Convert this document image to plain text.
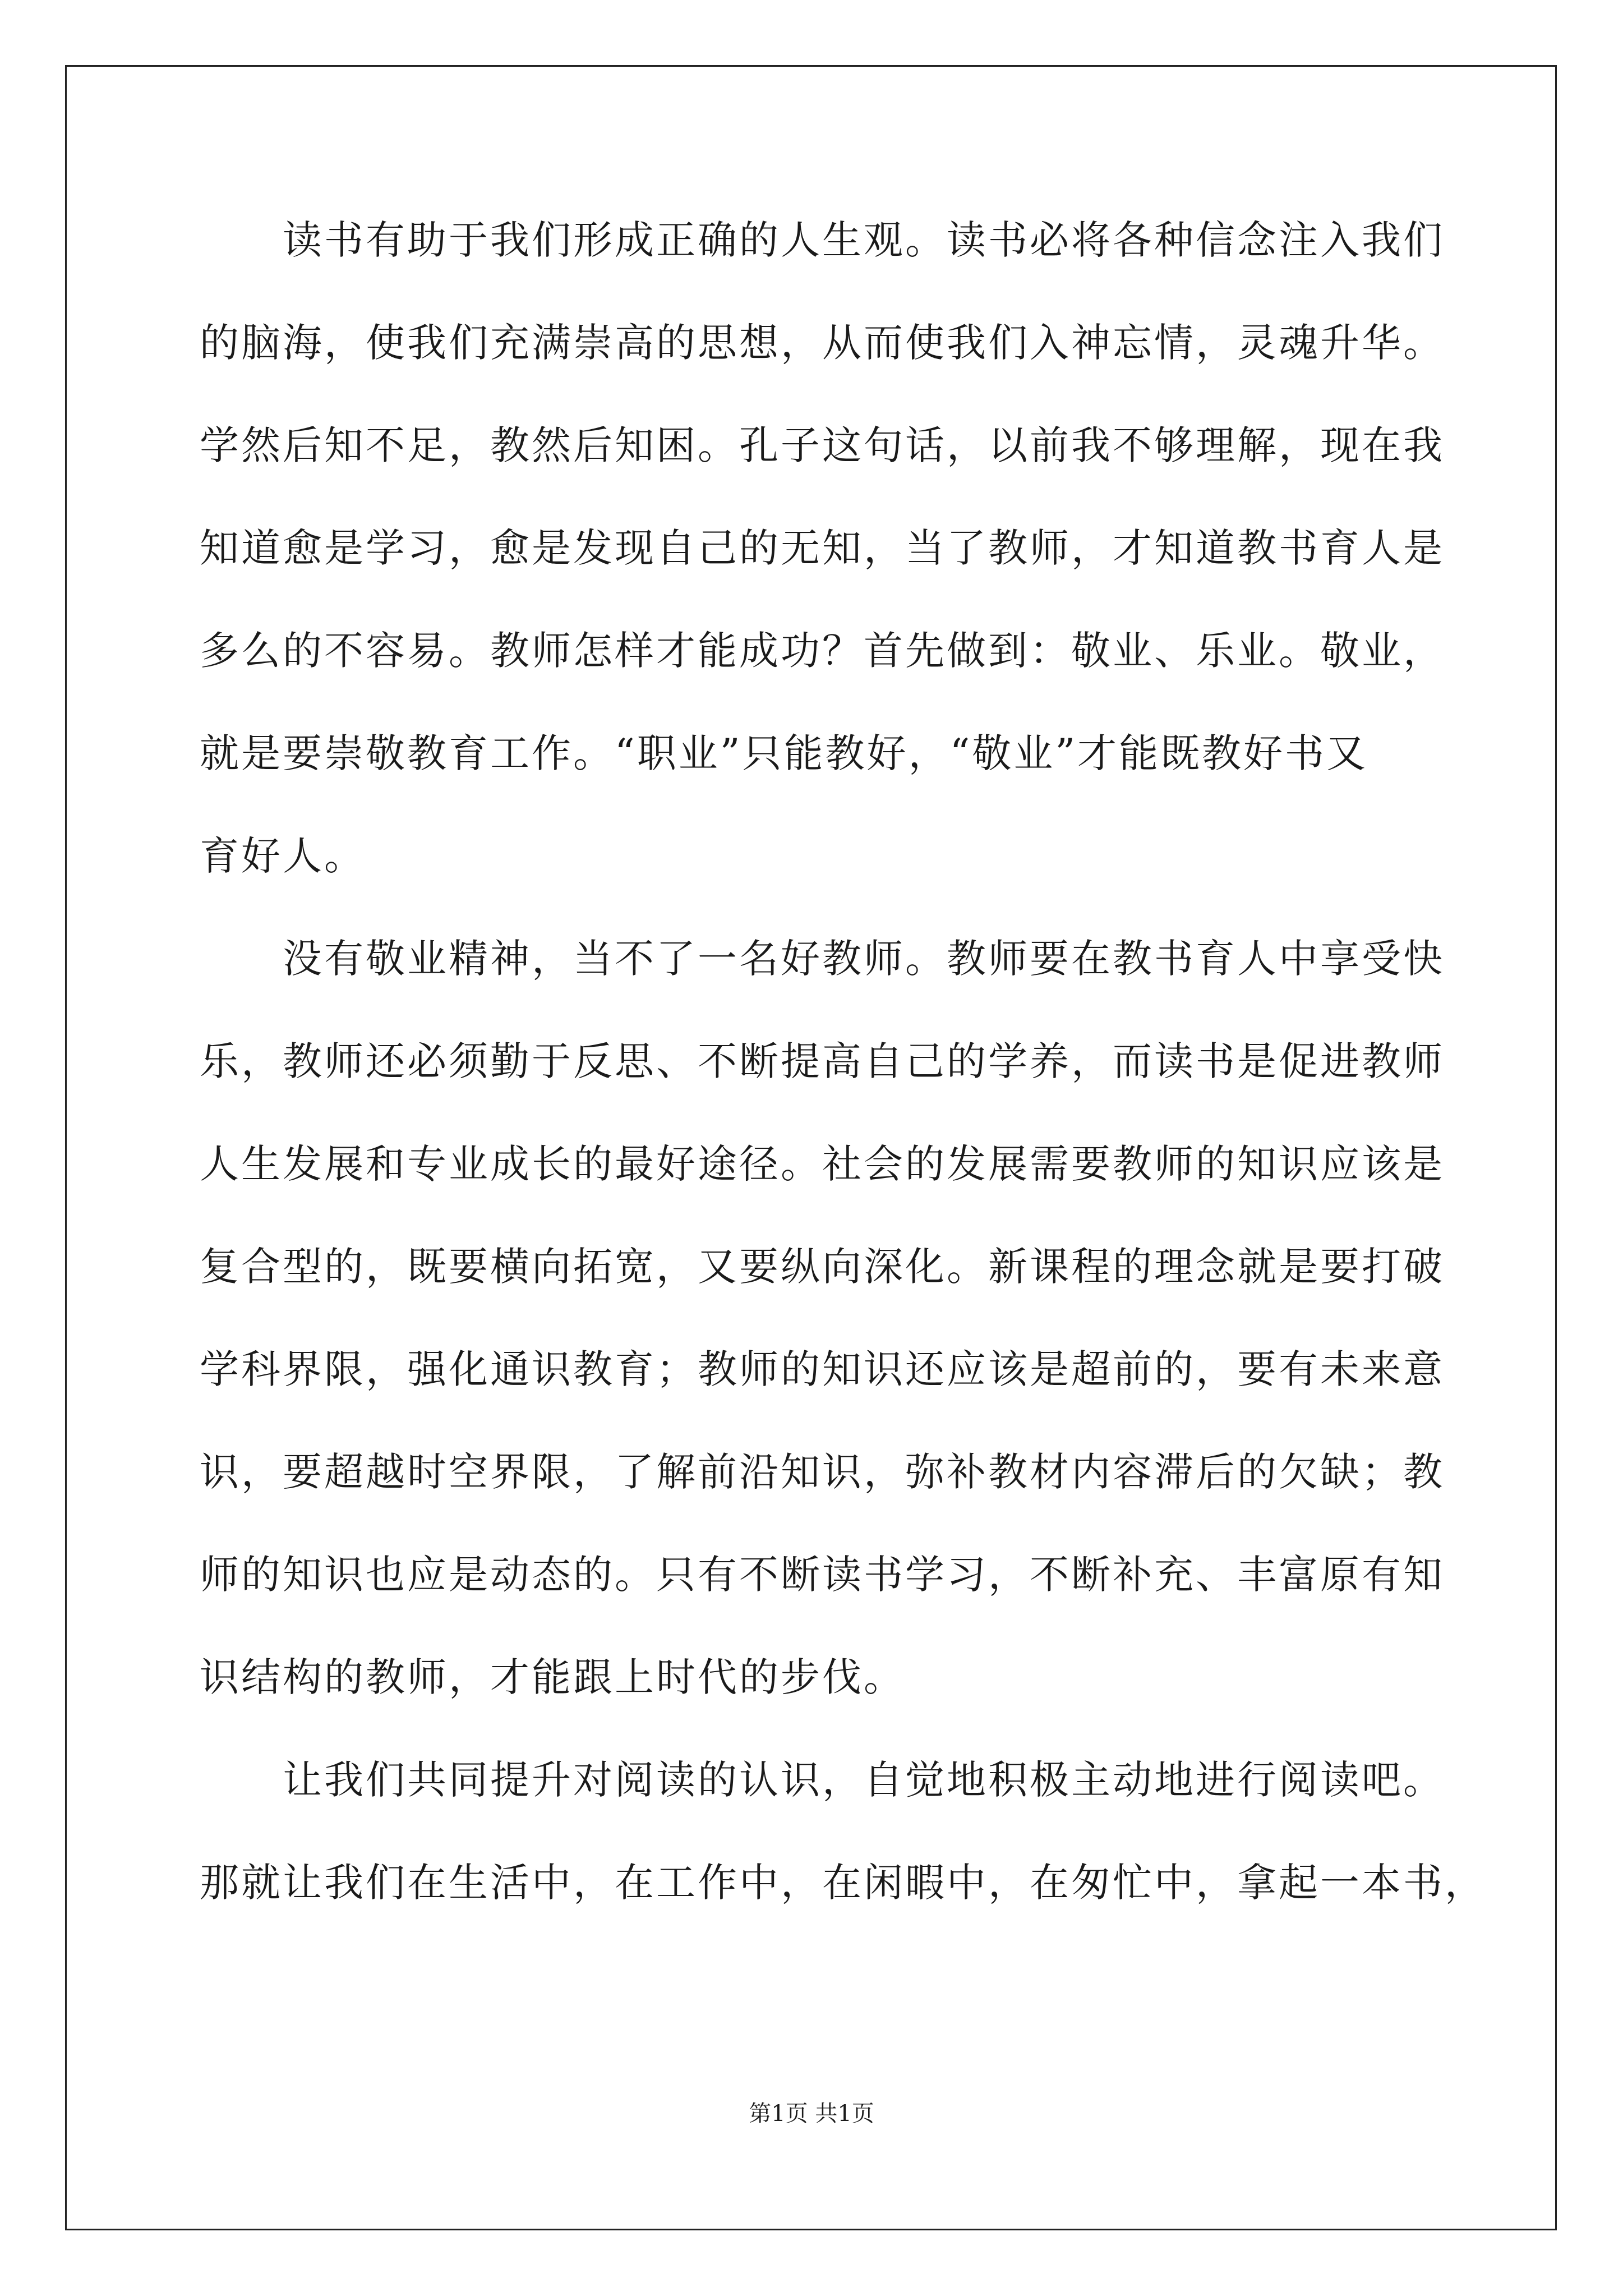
读书有助于我们形成正确的人生观。读书必将各种信念注入我们
的脑海，使我们充满崇高的思想，从而使我们入神忘情，灵魂升华。
学然后知不足，教然后知困。孔子这句话，以前我不够理解，现在我
知道愈是学习，愈是发现自己的无知，当了教师，才知道教书育人是
多么的不容易。教师怎样才能成功？首先做到：敬业、乐业。敬业，
就是要崇敬教育工作。“职业”只能教好，“敬业”才能既教好书又
育好人。
没有敬业精神，当不了一名好教师。教师要在教书育人中享受快
乐，教师还必须勤于反思、不断提高自己的学养，而读书是促进教师
人生发展和专业成长的最好途径。社会的发展需要教师的知识应该是
复合型的，既要横向拓宽，又要纵向深化。新课程的理念就是要打破
学科界限，强化通识教育；教师的知识还应该是超前的，要有未来意
识，要超越时空界限，了解前沿知识，弥补教材内容滞后的欠缺；教
师的知识也应是动态的。只有不断读书学习，不断补充、丰富原有知
识结构的教师，才能跟上时代的步伐。
让我们共同提升对阅读的认识，自觉地积极主动地进行阅读吧。
那就让我们在生活中，在工作中，在闲暇中，在匆忙中，拿起一本书，
第1页 共1页
